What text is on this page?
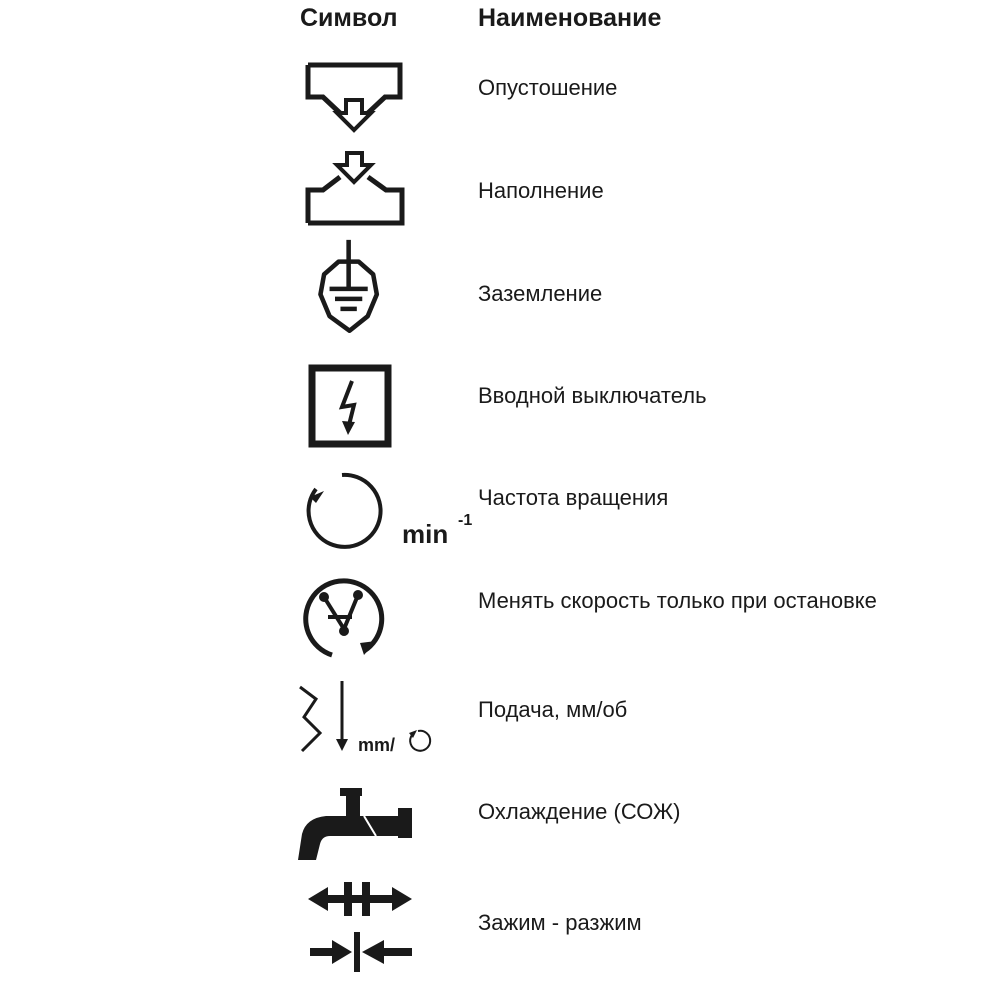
Символ	Наименование
Опустошение
Наполнение
Заземление
Вводной выключатель
min -1
Частота вращения
Менять скорость только при остановке
mm/
Подача, мм/об
Охлаждение (СОЖ)
Зажим - разжим
